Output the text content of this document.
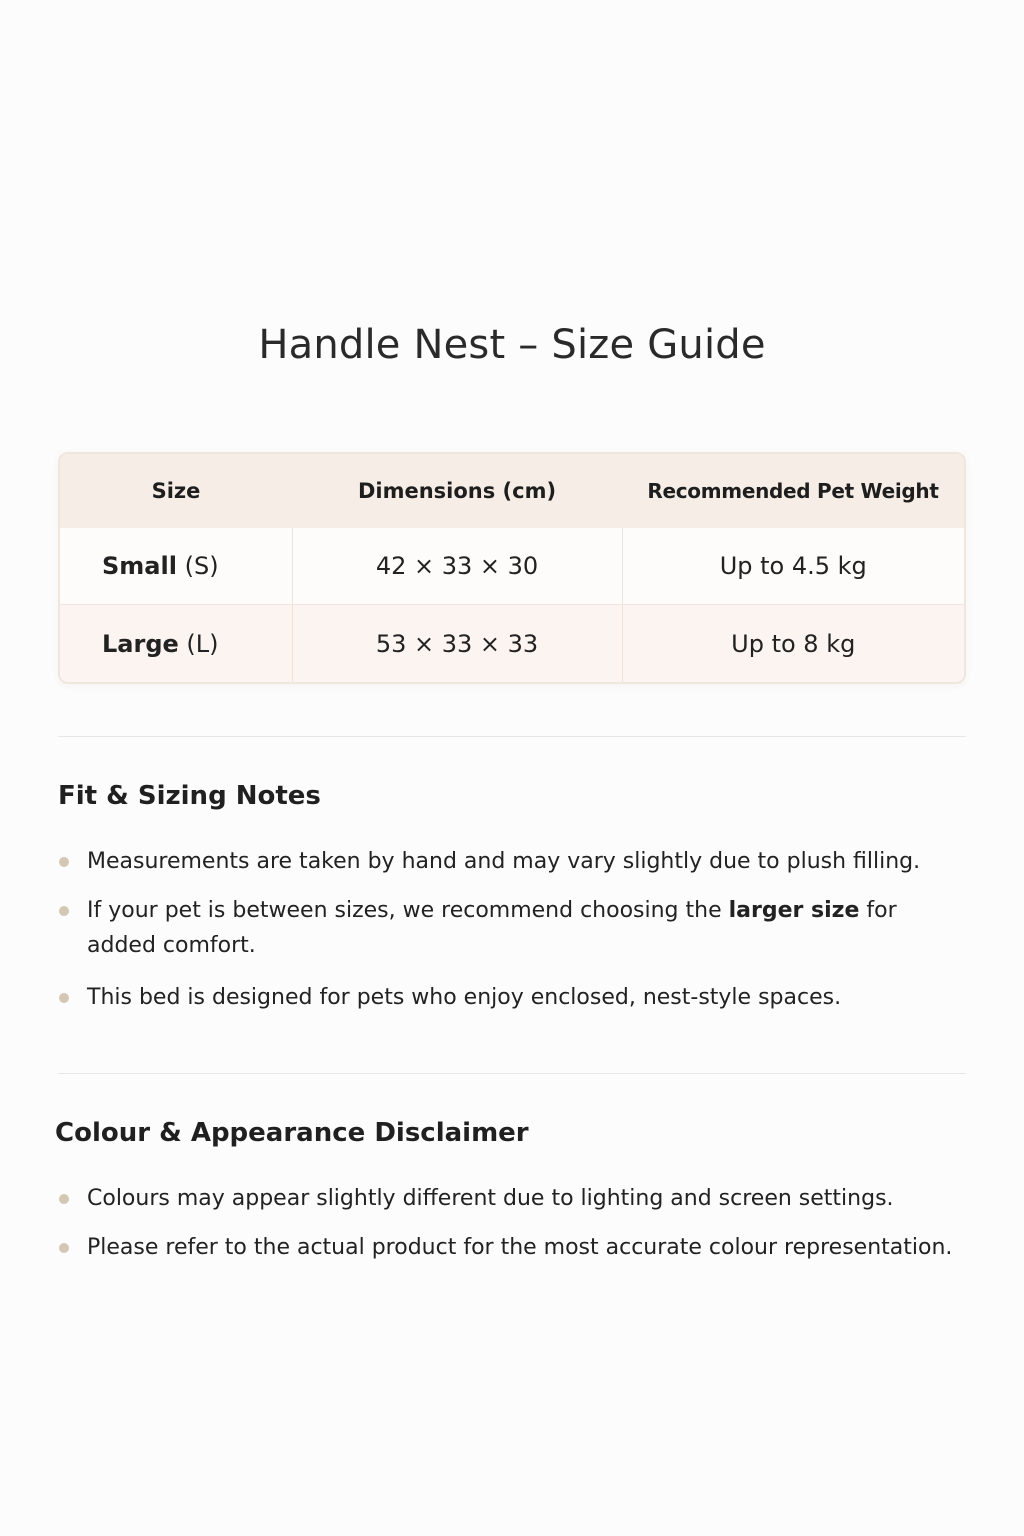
Handle Nest – Size Guide
Size	Dimensions (cm)	Recommended Pet Weight
Small (S)	42 × 33 × 30	Up to 4.5 kg
Large (L)	53 × 33 × 33	Up to 8 kg
Fit & Sizing Notes
Measurements are taken by hand and may vary slightly due to plush filling.
If your pet is between sizes, we recommend choosing the larger size for added comfort.
This bed is designed for pets who enjoy enclosed, nest-style spaces.
Colour & Appearance Disclaimer
Colours may appear slightly different due to lighting and screen settings.
Please refer to the actual product for the most accurate colour representation.
